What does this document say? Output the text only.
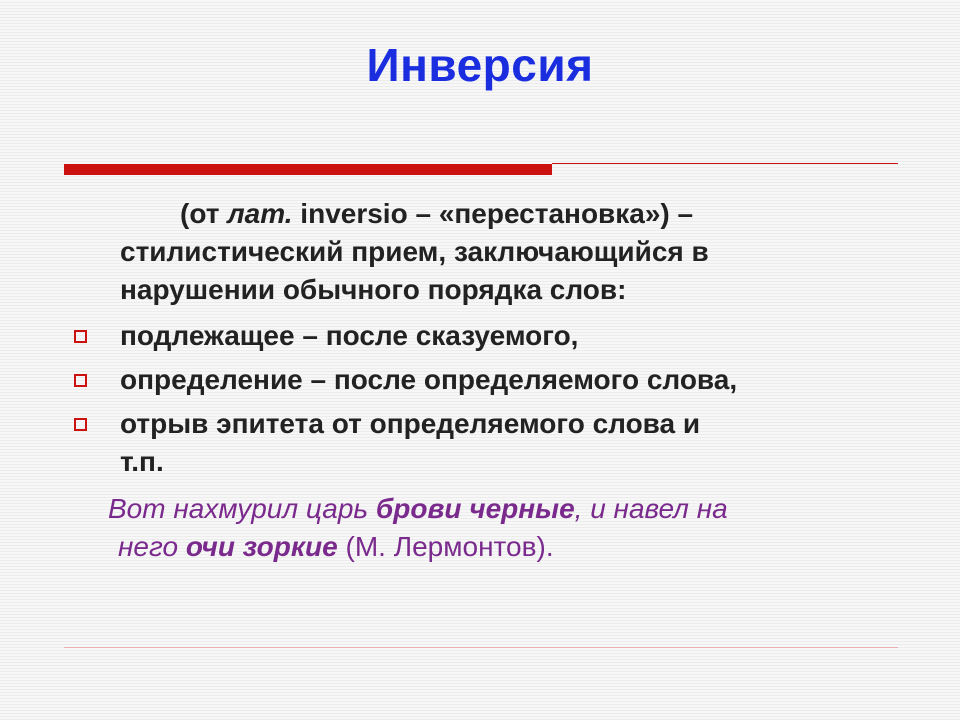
Инверсия
(от лат. inversio – «перестановка») –
стилистический прием, заключающийся в
нарушении обычного порядка слов:
подлежащее – после сказуемого,
определение – после определяемого слова,
отрыв эпитета от определяемого слова и
т.п.
Вот нахмурил царь брови черные, и навел на
него очи зоркие (М. Лермонтов).
